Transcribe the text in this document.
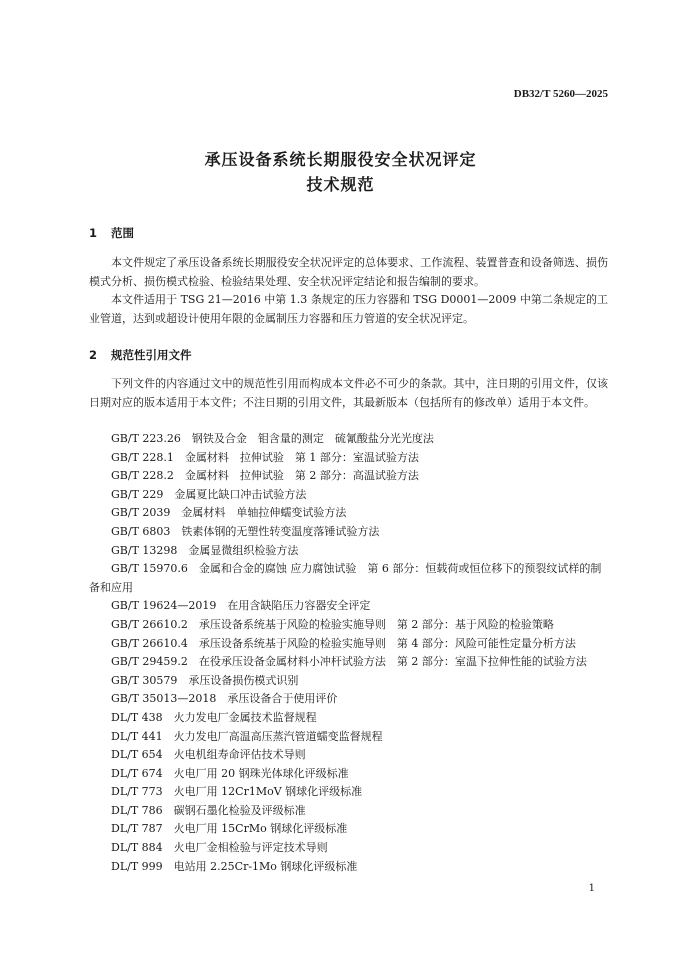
DB32/T 5260—2025
承压设备系统长期服役安全状况评定
技术规范
1 范围
本文件规定了承压设备系统长期服役安全状况评定的总体要求、工作流程、装置普查和设备筛选、损伤模式分析、损伤模式检验、检验结果处理、安全状况评定结论和报告编制的要求。
本文件适用于 TSG 21—2016 中第 1.3 条规定的压力容器和 TSG D0001—2009 中第二条规定的工业管道，达到或超设计使用年限的金属制压力容器和压力管道的安全状况评定。
2 规范性引用文件
下列文件的内容通过文中的规范性引用而构成本文件必不可少的条款。其中，注日期的引用文件，仅该日期对应的版本适用于本文件；不注日期的引用文件，其最新版本（包括所有的修改单）适用于本文件。
GB/T 223.26　钢铁及合金　钼含量的测定　硫氰酸盐分光光度法
GB/T 228.1　金属材料　拉伸试验　第 1 部分：室温试验方法
GB/T 228.2　金属材料　拉伸试验　第 2 部分：高温试验方法
GB/T 229　金属夏比缺口冲击试验方法
GB/T 2039　金属材料　单轴拉伸蠕变试验方法
GB/T 6803　铁素体钢的无塑性转变温度落锤试验方法
GB/T 13298　金属显微组织检验方法
GB/T 15970.6　金属和合金的腐蚀 应力腐蚀试验　第 6 部分：恒载荷或恒位移下的预裂纹试样的制备和应用
GB/T 19624—2019　在用含缺陷压力容器安全评定
GB/T 26610.2　承压设备系统基于风险的检验实施导则　第 2 部分：基于风险的检验策略
GB/T 26610.4　承压设备系统基于风险的检验实施导则　第 4 部分：风险可能性定量分析方法
GB/T 29459.2　在役承压设备金属材料小冲杆试验方法　第 2 部分：室温下拉伸性能的试验方法
GB/T 30579　承压设备损伤模式识别
GB/T 35013—2018　承压设备合于使用评价
DL/T 438　火力发电厂金属技术监督规程
DL/T 441　火力发电厂高温高压蒸汽管道蠕变监督规程
DL/T 654　火电机组寿命评估技术导则
DL/T 674　火电厂用 20 钢珠光体球化评级标准
DL/T 773　火电厂用 12Cr1MoV 钢球化评级标准
DL/T 786　碳钢石墨化检验及评级标准
DL/T 787　火电厂用 15CrMo 钢球化评级标准
DL/T 884　火电厂金相检验与评定技术导则
DL/T 999　电站用 2.25Cr-1Mo 钢球化评级标准
1
